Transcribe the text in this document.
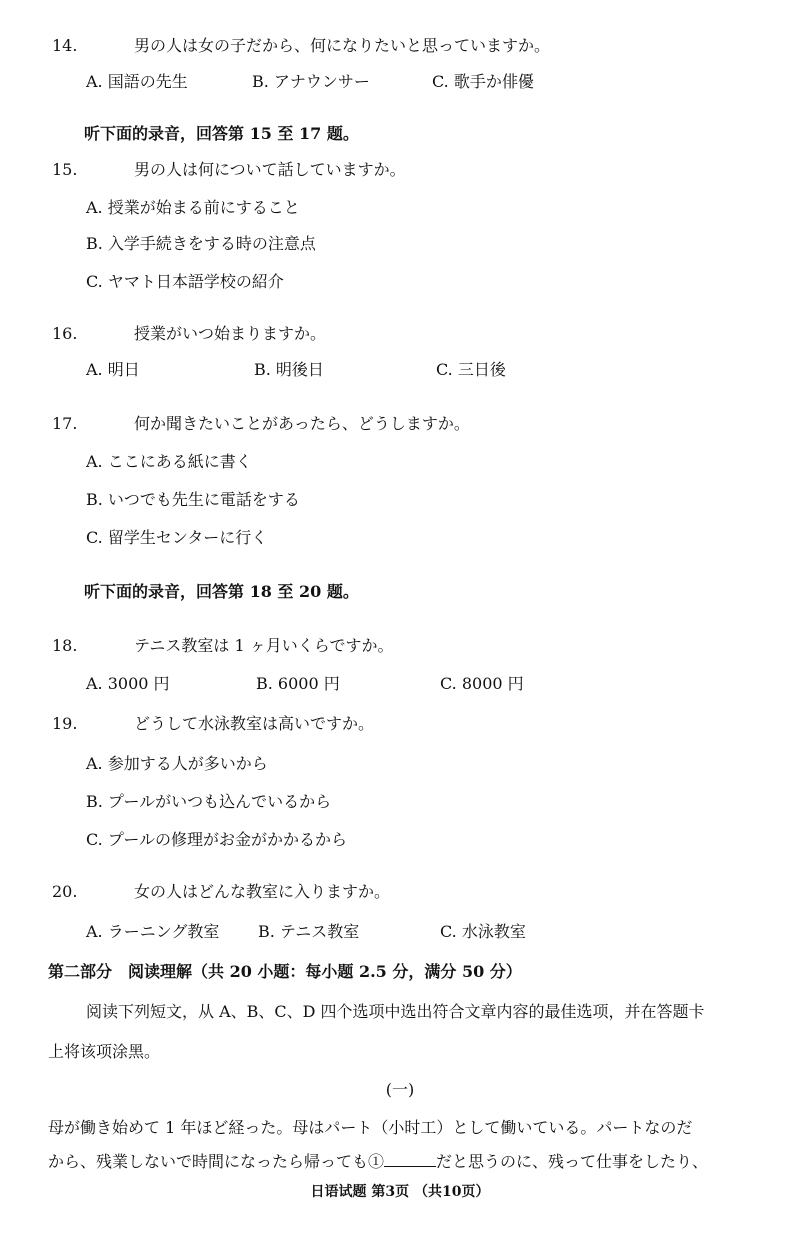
14.	男の人は女の子だから、何になりたいと思っていますか。
A. 国語の先生	B. アナウンサー	C. 歌手か俳優
听下面的录音，回答第 15 至 17 题。
15.	男の人は何について話していますか。
A. 授業が始まる前にすること
B. 入学手続きをする時の注意点
C. ヤマト日本語学校の紹介
16.	授業がいつ始まりますか。
A. 明日	B. 明後日	C. 三日後
17.	何か聞きたいことがあったら、どうしますか。
A. ここにある紙に書く
B. いつでも先生に電話をする
C. 留学生センターに行く
听下面的录音，回答第 18 至 20 题。
18.	テニス教室は 1 ヶ月いくらですか。
A. 3000 円	B. 6000 円	C. 8000 円
19.	どうして水泳教室は高いですか。
A. 参加する人が多いから
B. プールがいつも込んでいるから
C. プールの修理がお金がかかるから
20.	女の人はどんな教室に入りますか。
A. ラーニング教室 B. テニス教室	C. 水泳教室
第二部分　阅读理解（共 20 小题：每小题 2.5 分，满分 50 分）
阅读下列短文，从 A、B、C、D 四个选项中选出符合文章内容的最佳选项，并在答题卡
上将该项涂黑。
(一)
母が働き始めて 1 年ほど経った。母はパート（小时工）として働いている。パートなのだ
から、残業しないで時間になったら帰っても①	だと思うのに、残って仕事をしたり、
日语试题 第3页 （共10页）
